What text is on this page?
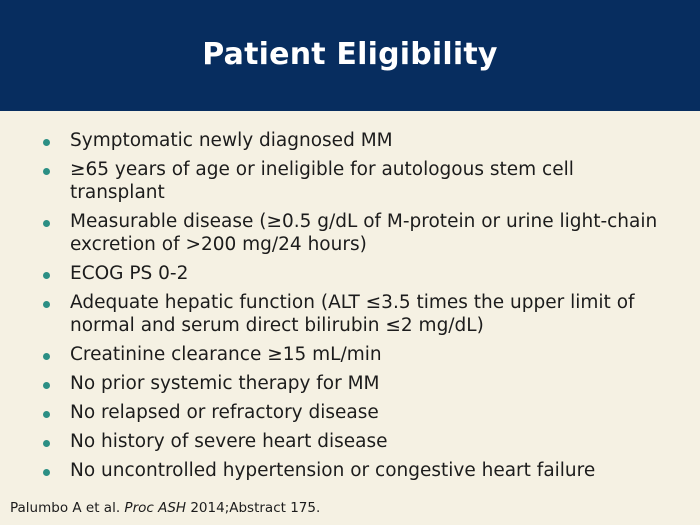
Patient Eligibility
Symptomatic newly diagnosed MM
≥65 years of age or ineligible for autologous stem cell transplant
Measurable disease (≥0.5 g/dL of M-protein or urine light-chain excretion of >200 mg/24 hours)
ECOG PS 0-2
Adequate hepatic function (ALT ≤3.5 times the upper limit of normal and serum direct bilirubin ≤2 mg/dL)
Creatinine clearance ≥15 mL/min
No prior systemic therapy for MM
No relapsed or refractory disease
No history of severe heart disease
No uncontrolled hypertension or congestive heart failure
Palumbo A et al. Proc ASH 2014;Abstract 175.
